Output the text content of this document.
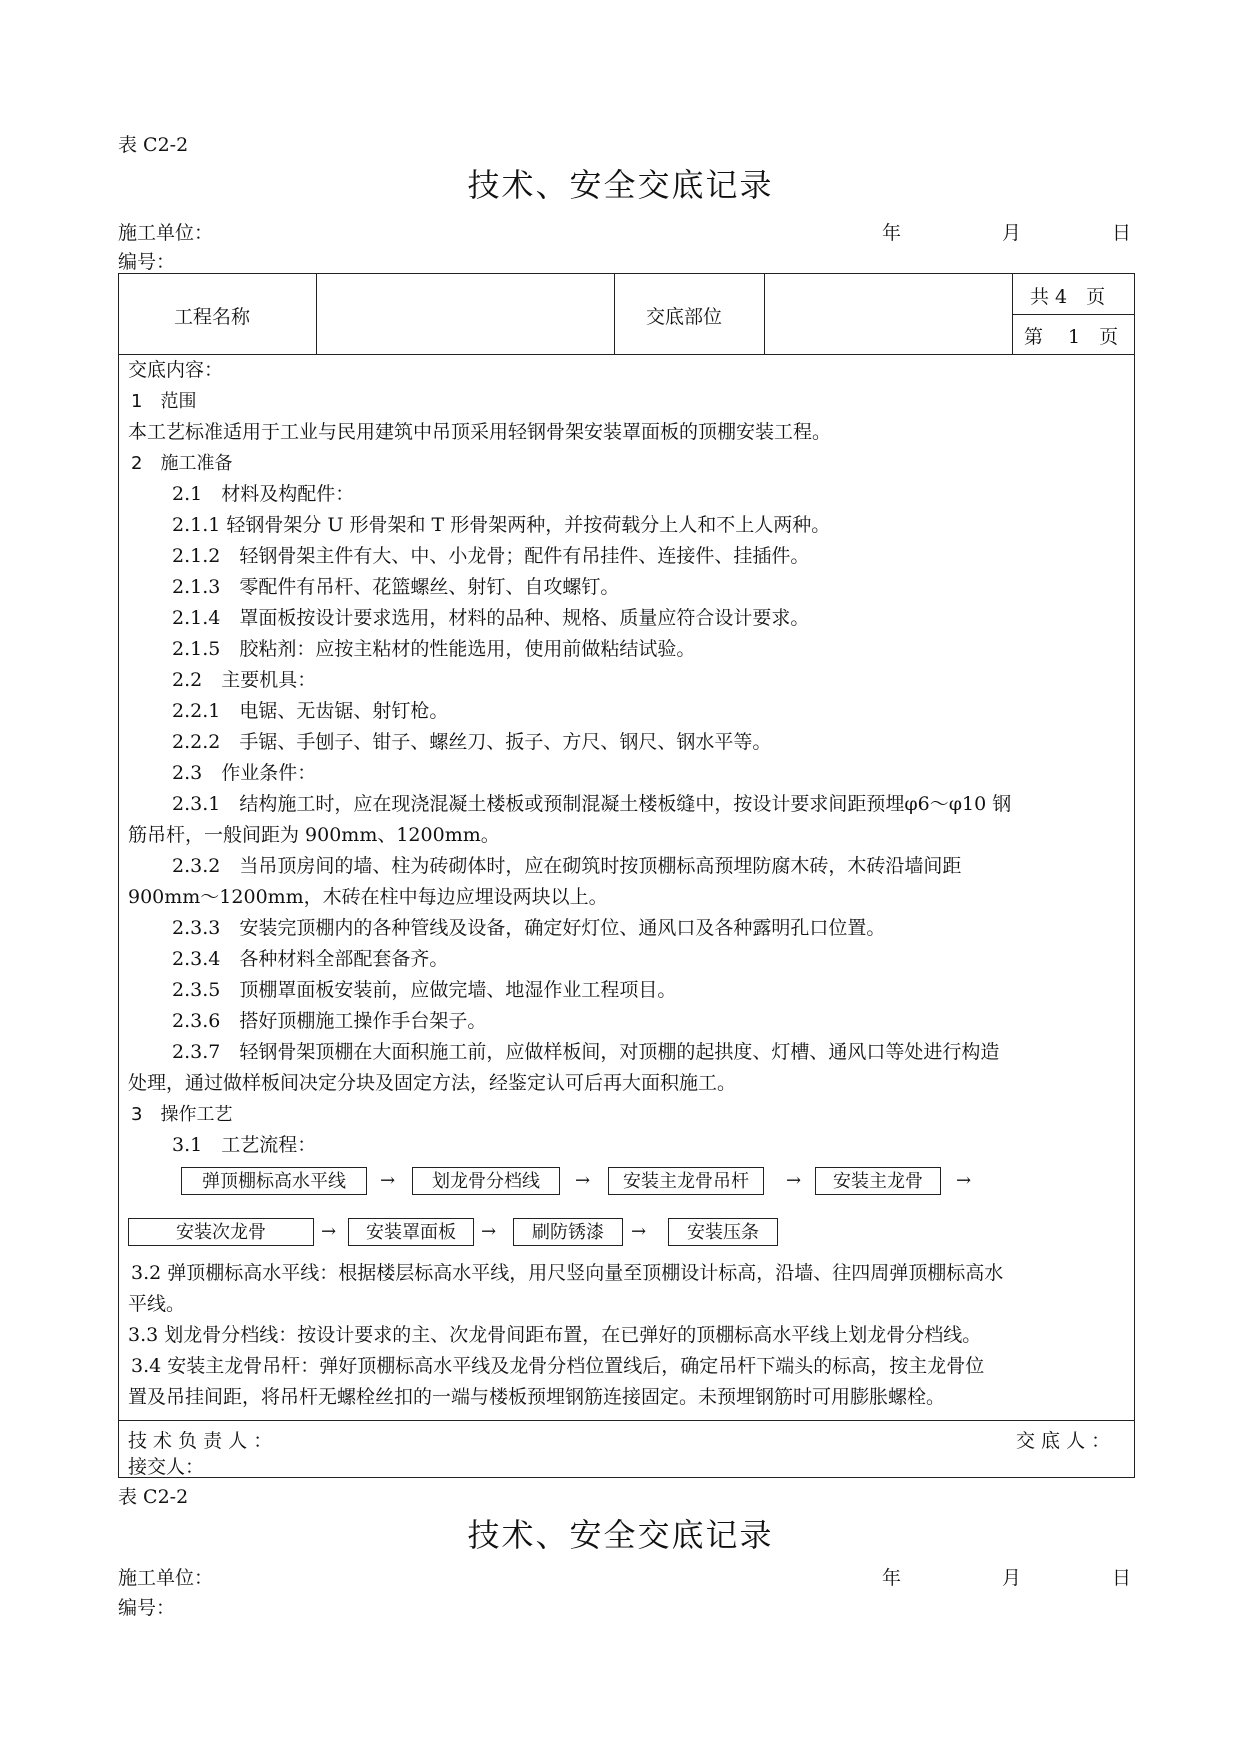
表 C2-2
技术、安全交底记录
施工单位：	年	月	日
编号：
工程名称	交底部位
共 4　页
第　 1　页
交底内容：
1　范围
本工艺标准适用于工业与民用建筑中吊顶采用轻钢骨架安装罩面板的顶棚安装工程。
2　施工准备
2.1　材料及构配件：
2.1.1 轻钢骨架分 U 形骨架和 T 形骨架两种，并按荷载分上人和不上人两种。
2.1.2　轻钢骨架主件有大、中、小龙骨；配件有吊挂件、连接件、挂插件。
2.1.3　零配件有吊杆、花篮螺丝、射钉、自攻螺钉。
2.1.4　罩面板按设计要求选用，材料的品种、规格、质量应符合设计要求。
2.1.5　胶粘剂：应按主粘材的性能选用，使用前做粘结试验。
2.2　主要机具：
2.2.1　电锯、无齿锯、射钉枪。
2.2.2　手锯、手刨子、钳子、螺丝刀、扳子、方尺、钢尺、钢水平等。
2.3　作业条件：
2.3.1　结构施工时，应在现浇混凝土楼板或预制混凝土楼板缝中，按设计要求间距预埋φ6～φ10 钢
筋吊杆，一般间距为 900mm、1200mm。
2.3.2　当吊顶房间的墙、柱为砖砌体时，应在砌筑时按顶棚标高预埋防腐木砖，木砖沿墙间距
900mm～1200mm，木砖在柱中每边应埋设两块以上。
2.3.3　安装完顶棚内的各种管线及设备，确定好灯位、通风口及各种露明孔口位置。
2.3.4　各种材料全部配套备齐。
2.3.5　顶棚罩面板安装前，应做完墙、地湿作业工程项目。
2.3.6　搭好顶棚施工操作手台架子。
2.3.7　轻钢骨架顶棚在大面积施工前，应做样板间，对顶棚的起拱度、灯槽、通风口等处进行构造
处理，通过做样板间决定分块及固定方法，经鉴定认可后再大面积施工。
3　操作工艺
3.1　工艺流程：
弹顶棚标高水平线	→	划龙骨分档线	→	安装主龙骨吊杆	→	安装主龙骨	→
安装次龙骨	→	安装罩面板	→	刷防锈漆	→	安装压条
3.2 弹顶棚标高水平线：根据楼层标高水平线，用尺竖向量至顶棚设计标高，沿墙、往四周弹顶棚标高水
平线。
3.3 划龙骨分档线：按设计要求的主、次龙骨间距布置，在已弹好的顶棚标高水平线上划龙骨分档线。
3.4 安装主龙骨吊杆：弹好顶棚标高水平线及龙骨分档位置线后，确定吊杆下端头的标高，按主龙骨位
置及吊挂间距，将吊杆无螺栓丝扣的一端与楼板预埋钢筋连接固定。未预埋钢筋时可用膨胀螺栓。
技 术 负 责 人 ：	交 底 人 ：
接交人：
表 C2-2
技术、安全交底记录
施工单位：	年	月	日
编号：
